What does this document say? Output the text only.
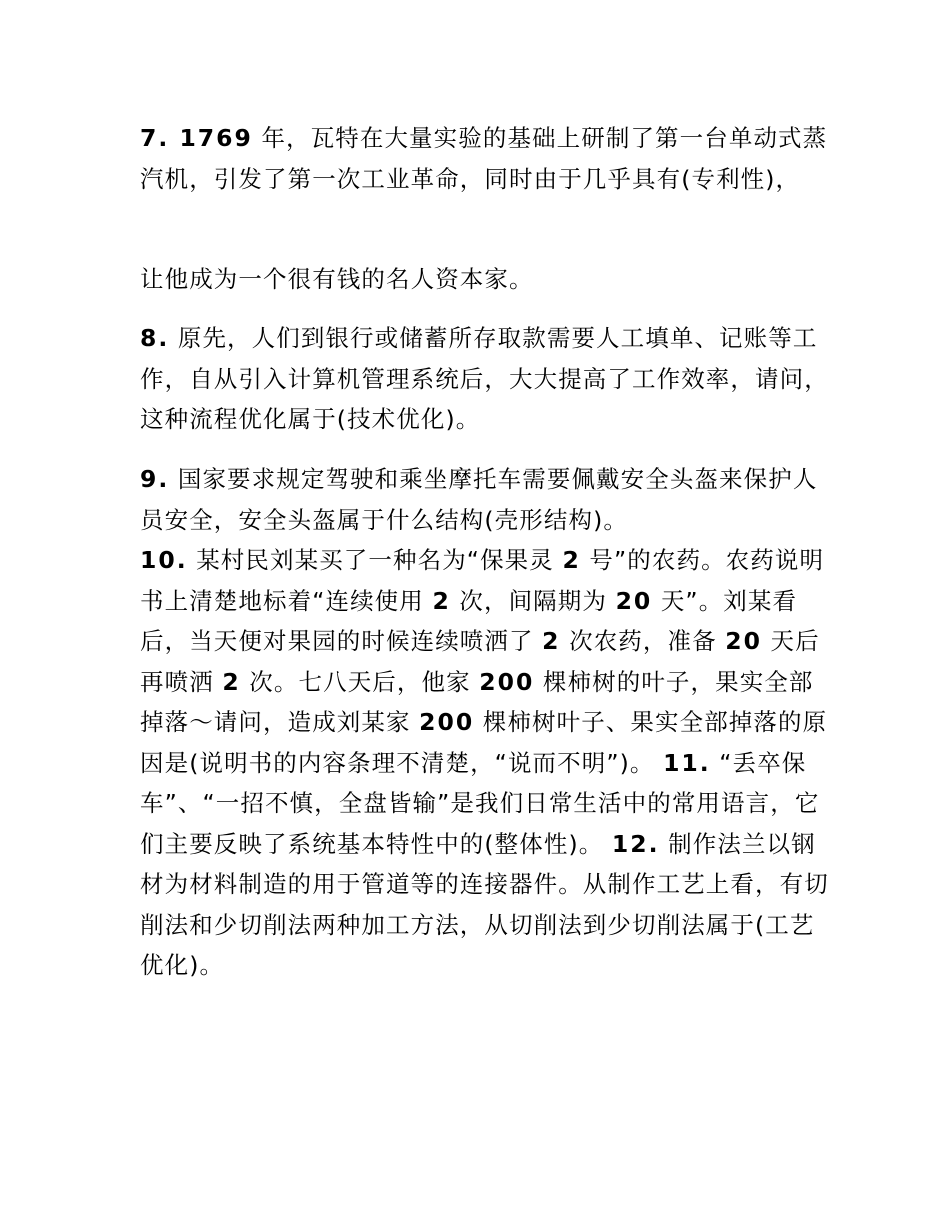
7. 1769 年，瓦特在大量实验的基础上研制了第一台单动式蒸汽机，引发了第一次工业革命，同时由于几乎具有(专利性)，

让他成为一个很有钱的名人资本家。

8. 原先，人们到银行或储蓄所存取款需要人工填单、记账等工作，自从引入计算机管理系统后，大大提高了工作效率，请问，这种流程优化属于(技术优化)。

9. 国家要求规定驾驶和乘坐摩托车需要佩戴安全头盔来保护人员安全，安全头盔属于什么结构(壳形结构)。
10. 某村民刘某买了一种名为“保果灵 2 号”的农药。农药说明书上清楚地标着“连续使用 2 次，间隔期为 20 天”。刘某看后，当天便对果园的时候连续喷洒了 2 次农药，准备 20 天后再喷洒 2 次。七八天后，他家 200 棵柿树的叶子，果实全部掉落～请问，造成刘某家 200 棵柿树叶子、果实全部掉落的原因是(说明书的内容条理不清楚，“说而不明”)。 11. “丢卒保车”、“一招不慎，全盘皆输”是我们日常生活中的常用语言，它们主要反映了系统基本特性中的(整体性)。 12. 制作法兰以钢材为材料制造的用于管道等的连接器件。从制作工艺上看，有切削法和少切削法两种加工方法，从切削法到少切削法属于(工艺优化)。
